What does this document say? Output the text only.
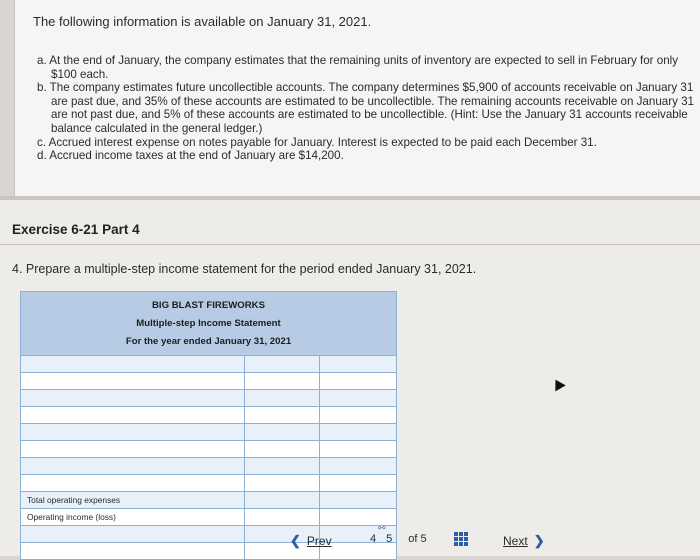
The following information is available on January 31, 2021.
a. At the end of January, the company estimates that the remaining units of inventory are expected to sell in February for only $100 each.
b. The company estimates future uncollectible accounts. The company determines $5,900 of accounts receivable on January 31 are past due, and 35% of these accounts are estimated to be uncollectible. The remaining accounts receivable on January 31 are not past due, and 5% of these accounts are estimated to be uncollectible. (Hint: Use the January 31 accounts receivable balance calculated in the general ledger.)
c. Accrued interest expense on notes payable for January. Interest is expected to be paid each December 31.
d. Accrued income taxes at the end of January are $14,200.
Exercise 6-21 Part 4
4. Prepare a multiple-step income statement for the period ended January 31, 2021.
BIG BLAST FIREWORKS
Multiple-step Income Statement
For the year ended January 31, 2021
Total operating expenses
Operating income (loss)
❮ Prev	4 5 of 5
⚯
Next ❯
